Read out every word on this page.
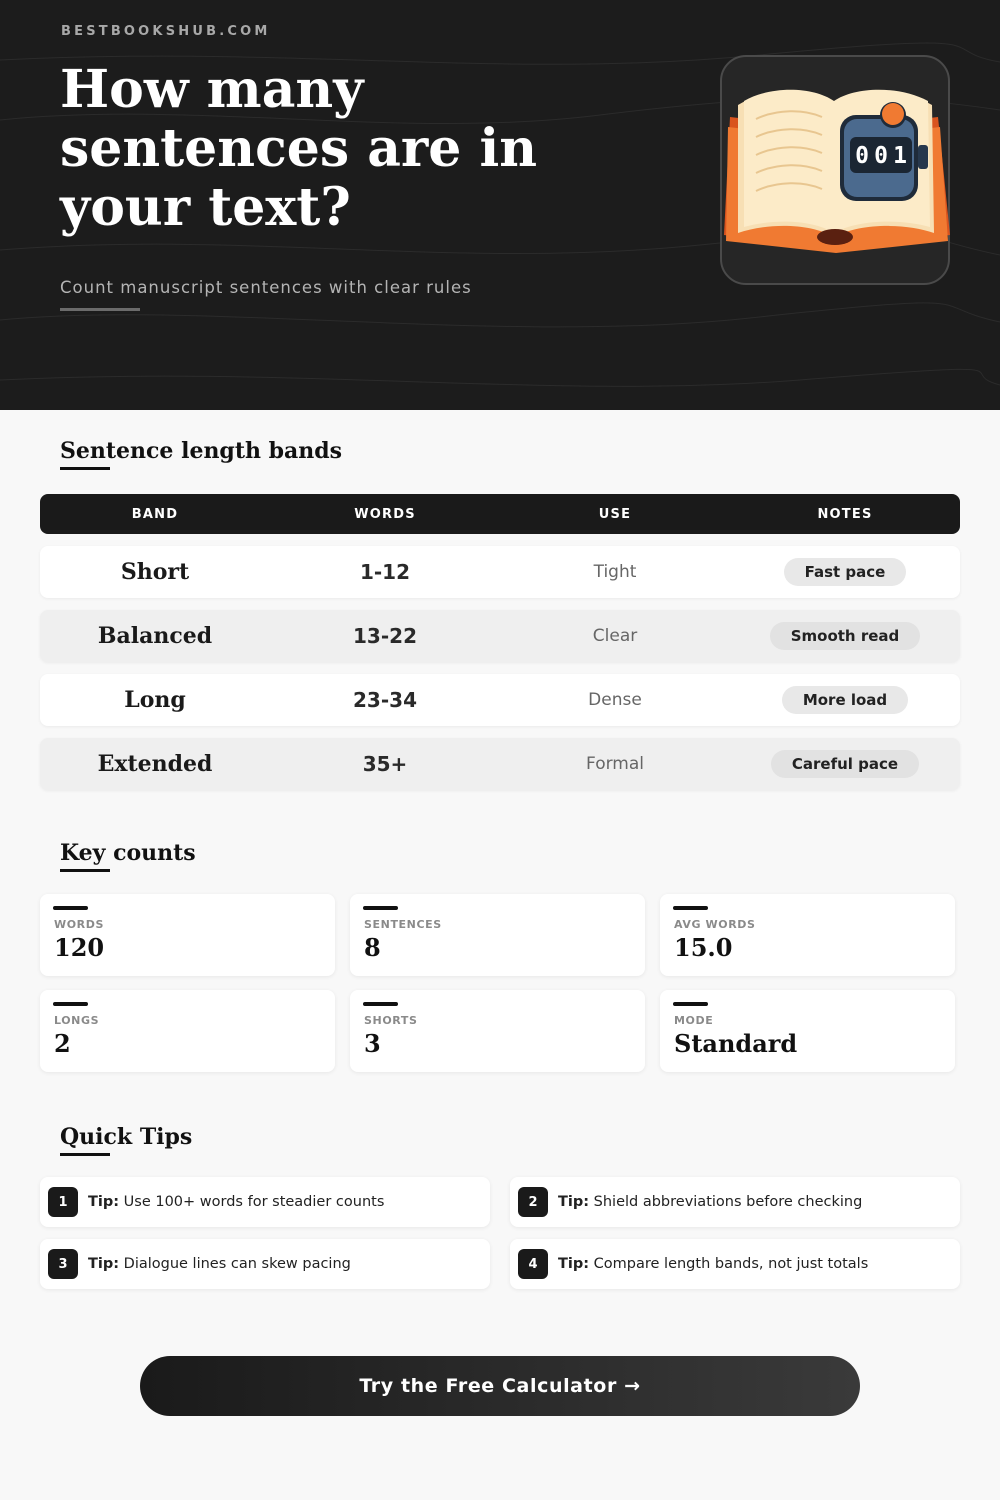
BESTBOOKSHUB.COM
How many sentences are in your text?
Count manuscript sentences with clear rules
0 0 1
Sentence length bands
BAND	WORDS	USE	NOTES
Short	1-12	Tight	Fast pace
Balanced	13-22	Clear	Smooth read
Long	23-34	Dense	More load
Extended	35+	Formal	Careful pace
Key counts
WORDS
120
SENTENCES
8
AVG WORDS
15.0
LONGS
2
SHORTS
3
MODE
Standard
Quick Tips
1	Tip: Use 100+ words for steadier counts	2	Tip: Shield abbreviations before checking
3	Tip: Dialogue lines can skew pacing	4	Tip: Compare length bands, not just totals
Try the Free Calculator →
